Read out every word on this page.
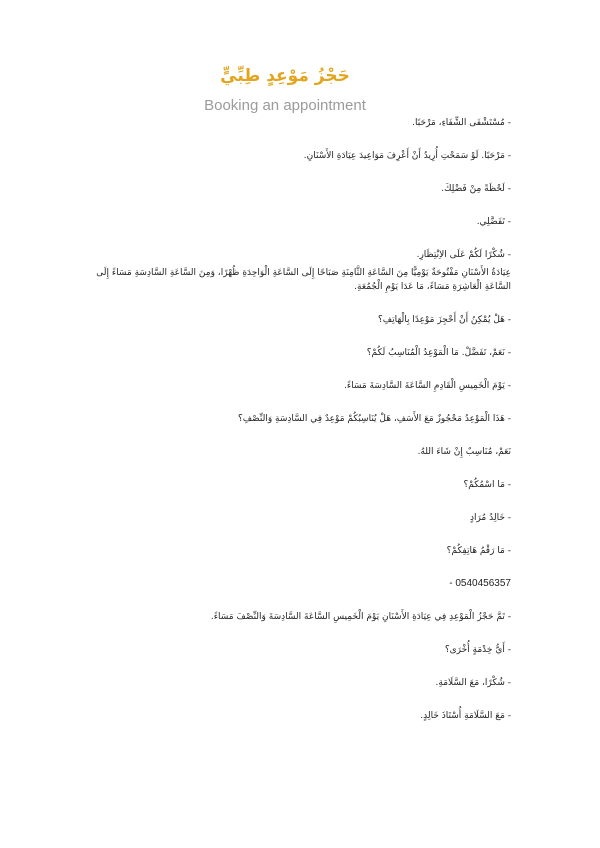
حَجْزُ مَوْعِدٍ طِبِّيٍّ
Booking an appointment
- مُسْتَشْفَى الشِّفَاءِ، مَرْحَبًا.
- مَرْحَبًا. لَوْ سَمَحْتِ أُرِيدُ أَنْ أَعْرِفَ مَوَاعِيدَ عِيَادَةِ الأَسْنَانِ.
- لَحْظَةً مِنْ فَضْلِكَ.
- تَفَضَّلِي.
- شُكْرًا لَكُمْ عَلَى الاِنْتِظَارِ.
عِيَادَةُ الأَسْنَانِ مَفْتُوحَةٌ يَوْمِيًّا مِنَ السَّاعَةِ الثَّامِنَةِ صَبَاحًا إِلَى السَّاعَةِ الْوَاحِدَةِ ظُهْرًا، وَمِنَ السَّاعَةِ السَّادِسَةِ مَسَاءً إِلَى السَّاعَةِ الْعَاشِرَةِ مَسَاءً، مَا عَدَا يَوْمِ الْجُمُعَةِ.
- هَلْ يُمْكِنُ أَنْ أَحْجِزَ مَوْعِدًا بِالْهَاتِفِ؟
- نَعَمْ، تَفَضَّلْ. مَا الْمَوْعِدُ الْمُنَاسِبُ لَكُمْ؟
- يَوْمَ الْخَمِيسِ الْقَادِمِ السَّاعَةَ السَّادِسَةَ مَسَاءً.
- هَذَا الْمَوْعِدُ مَحْجُوزٌ مَعَ الأَسَفِ، هَلْ يُنَاسِبُكُمْ مَوْعِدٌ فِي السَّادِسَةِ وَالنِّصْفِ؟
نَعَمْ، مُنَاسِبٌ إِنْ شَاءَ اللهُ.
- مَا اسْمُكُمْ؟
- خَالِدُ مُرَادٍ
- مَا رَقْمُ هَاتِفِكُمْ؟
0540456357 -
- تَمَّ حَجْزُ الْمَوْعِدِ فِي عِيَادَةِ الأَسْنَانِ يَوْمَ الْخَمِيسِ السَّاعَةَ السَّادِسَةَ وَالنِّصْفَ مَسَاءً.
- أَيُّ خِدْمَةٍ أُخْرَى؟
- شُكْرًا، مَعَ السَّلَامَةِ.
- مَعَ السَّلَامَةِ أُسْتَاذَ خَالِدٍ.
